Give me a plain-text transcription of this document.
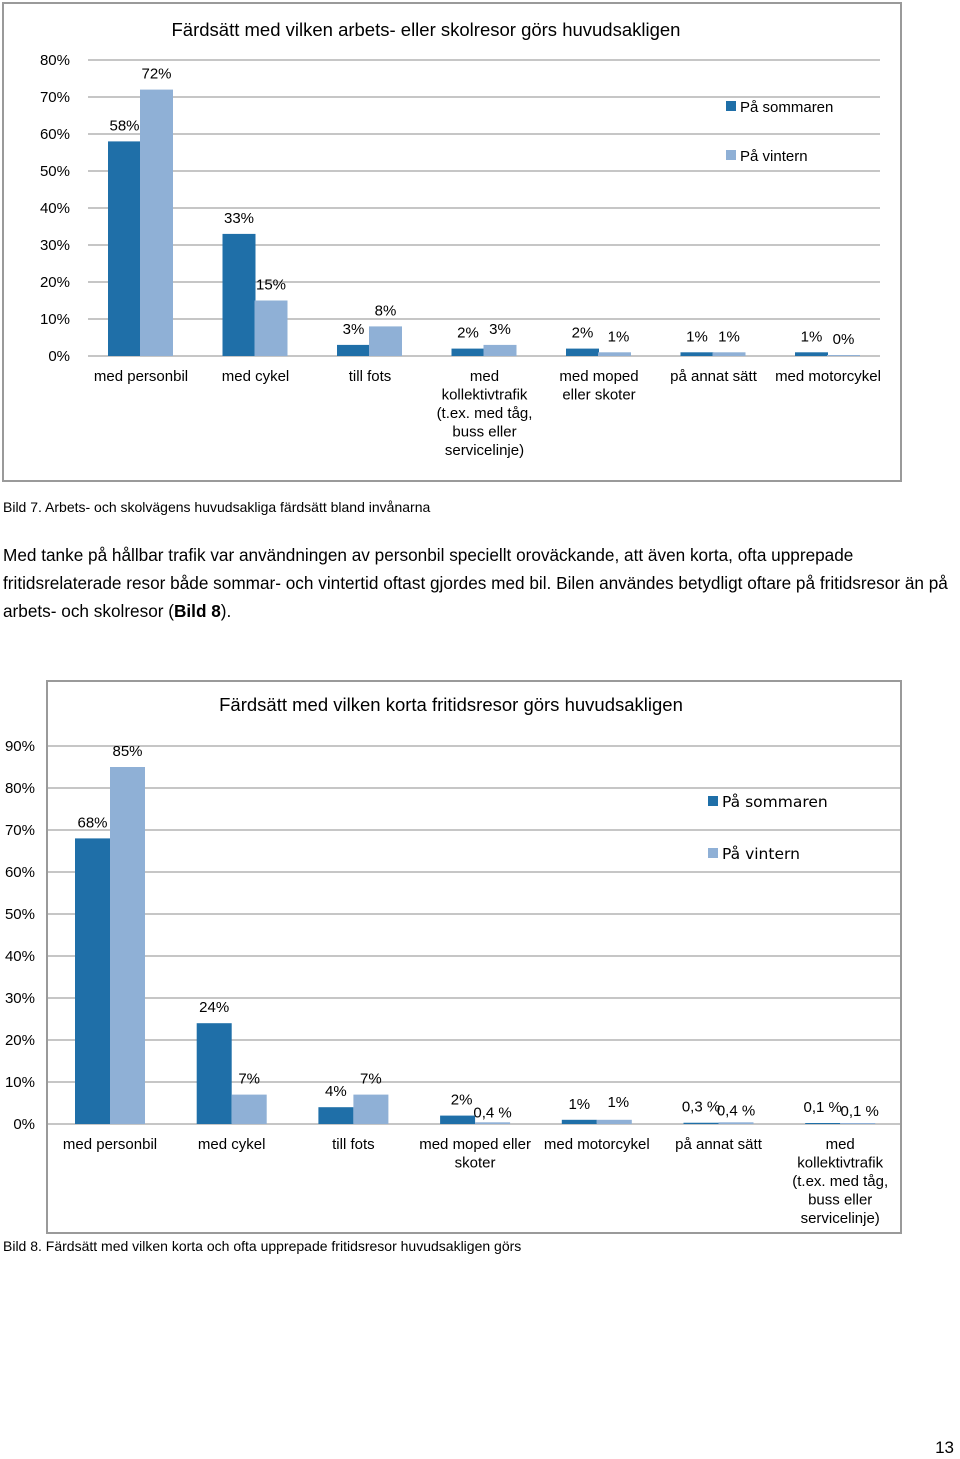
0%
10%
20%
30%
40%
50%
60%
70%
80%
58%
33%
3%	2%	2%	1%	1%
72%
15%
8%
3%	1%	1%	0%
med personbil med cykel	till fots	med
kollektivtrafik
(t.ex. med tåg,
buss eller
servicelinje)
med moped
eller skoter
på annat sätt med motorcykel
Färdsätt med vilken arbets- eller skolresor görs huvudsakligen
På sommaren
På vintern
0%
10%
20%
30%
40%
50%
60%
70%
80%
90%
68%
24%
4%	2%	1%	0,3 %	0,1 %
85%
7%	7%
0,4 %
1%
0,4 %	0,1 %
med personbil	med cykel	till fots	med moped eller
skoter
med motorcykel på annat sätt	med
kollektivtrafik
(t.ex. med tåg,
buss eller
servicelinje)
Färdsätt med vilken korta fritidsresor görs huvudsakligen
På sommaren
På vintern
Bild 7. Arbets- och skolvägens huvudsakliga färdsätt bland invånarna
Med tanke på hållbar trafik var användningen av personbil speciellt oroväckande, att även korta, ofta upprepade fritidsrelaterade resor både sommar- och vintertid oftast gjordes med bil. Bilen användes betydligt oftare på fritidsresor än på arbets- och skolresor (Bild 8).
Bild 8. Färdsätt med vilken korta och ofta upprepade fritidsresor huvudsakligen görs
13
